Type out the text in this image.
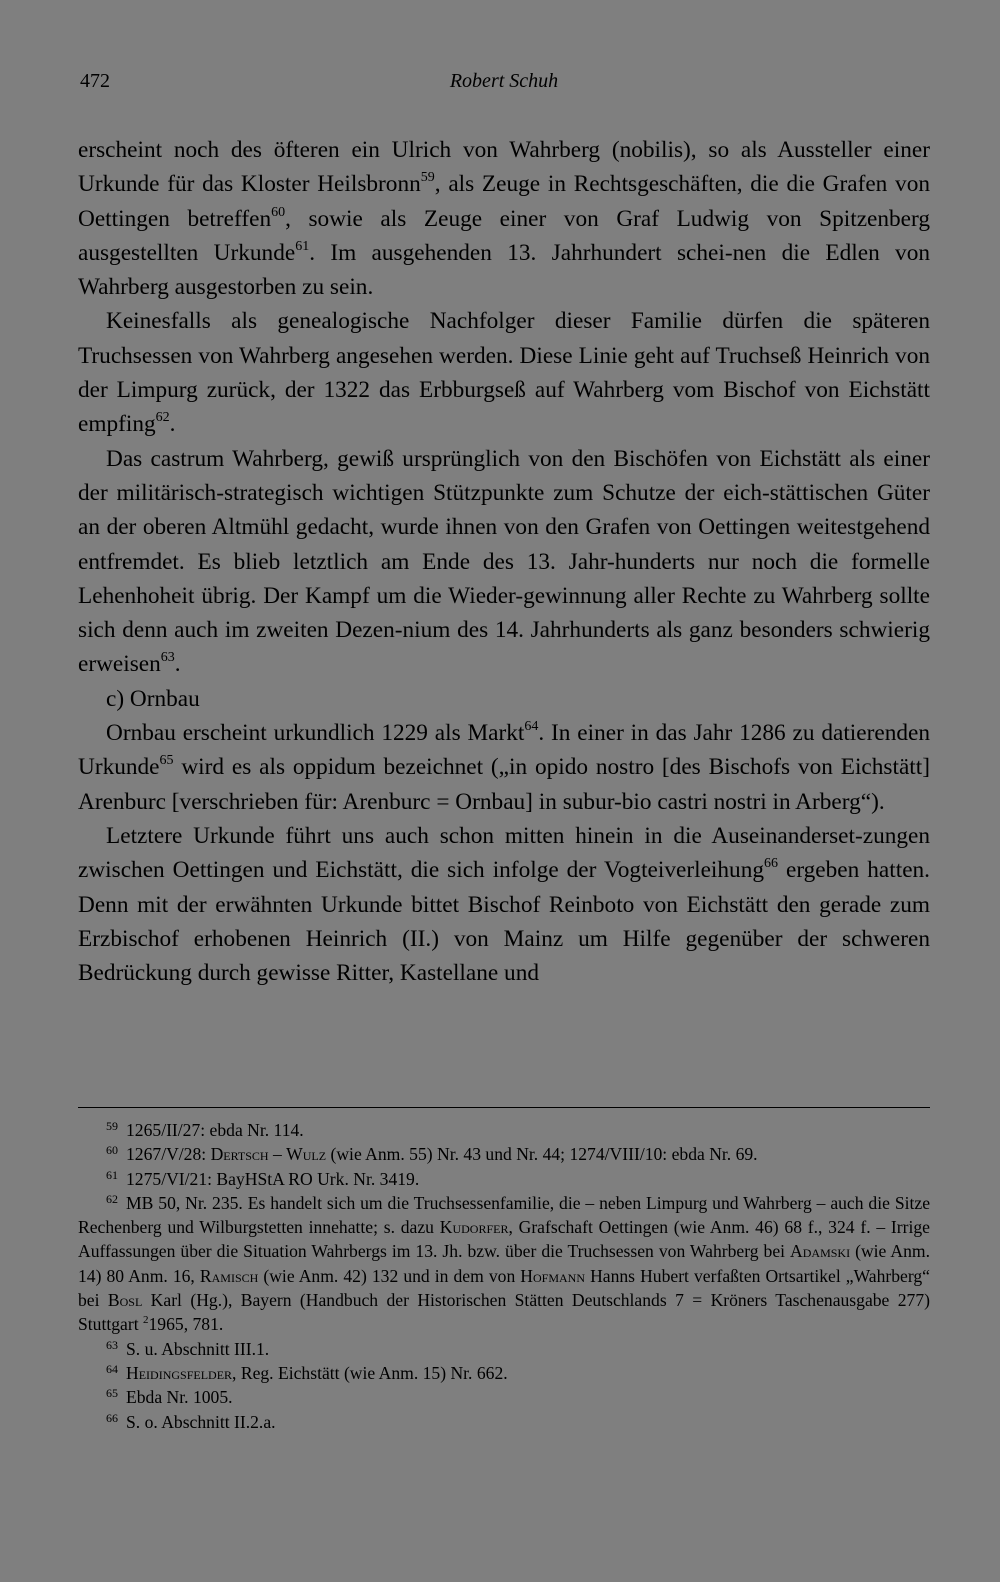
472	Robert Schuh

erscheint noch des öfteren ein Ulrich von Wahrberg (nobilis), so als Aussteller einer Urkunde für das Kloster Heilsbronn$^{59}$, als Zeuge in Rechtsgeschäften, die die Grafen von Oettingen betreffen$^{60}$, sowie als Zeuge einer von Graf Ludwig von Spitzenberg ausgestellten Urkunde$^{61}$. Im ausgehenden 13. Jahrhundert schei-nen die Edlen von Wahrberg ausgestorben zu sein.

Keinesfalls als genealogische Nachfolger dieser Familie dürfen die späteren Truchsessen von Wahrberg angesehen werden. Diese Linie geht auf Truchseß Heinrich von der Limpurg zurück, der 1322 das Erbburgseß auf Wahrberg vom Bischof von Eichstätt empfing$^{62}$.

Das castrum Wahrberg, gewiß ursprünglich von den Bischöfen von Eichstätt als einer der militärisch-strategisch wichtigen Stützpunkte zum Schutze der eich-stättischen Güter an der oberen Altmühl gedacht, wurde ihnen von den Grafen von Oettingen weitestgehend entfremdet. Es blieb letztlich am Ende des 13. Jahr-hunderts nur noch die formelle Lehenhoheit übrig. Der Kampf um die Wieder-gewinnung aller Rechte zu Wahrberg sollte sich denn auch im zweiten Dezen-nium des 14. Jahrhunderts als ganz besonders schwierig erweisen$^{63}$.

c) Ornbau

Ornbau erscheint urkundlich 1229 als Markt$^{64}$. In einer in das Jahr 1286 zu datierenden Urkunde$^{65}$ wird es als oppidum bezeichnet („in opido nostro [des Bischofs von Eichstätt] Arenburc [verschrieben für: Arenburc = Ornbau] in subur-bio castri nostri in Arberg“).

Letztere Urkunde führt uns auch schon mitten hinein in die Auseinanderset-zungen zwischen Oettingen und Eichstätt, die sich infolge der Vogteiverleihung$^{66}$ ergeben hatten. Denn mit der erwähnten Urkunde bittet Bischof Reinboto von Eichstätt den gerade zum Erzbischof erhobenen Heinrich (II.) von Mainz um Hilfe gegenüber der schweren Bedrückung durch gewisse Ritter, Kastellane und

$^{59}$ 1265/II/27: ebda Nr. 114.

$^{60}$ 1267/V/28: Dertsch – Wulz (wie Anm. 55) Nr. 43 und Nr. 44; 1274/VIII/10: ebda Nr. 69.

$^{61}$ 1275/VI/21: BayHStA RO Urk. Nr. 3419.

$^{62}$ MB 50, Nr. 235. Es handelt sich um die Truchsessenfamilie, die – neben Limpurg und Wahrberg – auch die Sitze Rechenberg und Wilburgstetten innehatte; s. dazu Kudorfer, Grafschaft Oettingen (wie Anm. 46) 68 f., 324 f. – Irrige Auffassungen über die Situation Wahrbergs im 13. Jh. bzw. über die Truchsessen von Wahrberg bei Adamski (wie Anm. 14) 80 Anm. 16, Ramisch (wie Anm. 42) 132 und in dem von Hofmann Hanns Hubert verfaßten Ortsartikel „Wahrberg“ bei Bosl Karl (Hg.), Bayern (Handbuch der Historischen Stätten Deutschlands 7 = Kröners Taschenausgabe 277) Stuttgart $^2$1965, 781.

$^{63}$ S. u. Abschnitt III.1.

$^{64}$ Heidingsfelder, Reg. Eichstätt (wie Anm. 15) Nr. 662.

$^{65}$ Ebda Nr. 1005.

$^{66}$ S. o. Abschnitt II.2.a.
